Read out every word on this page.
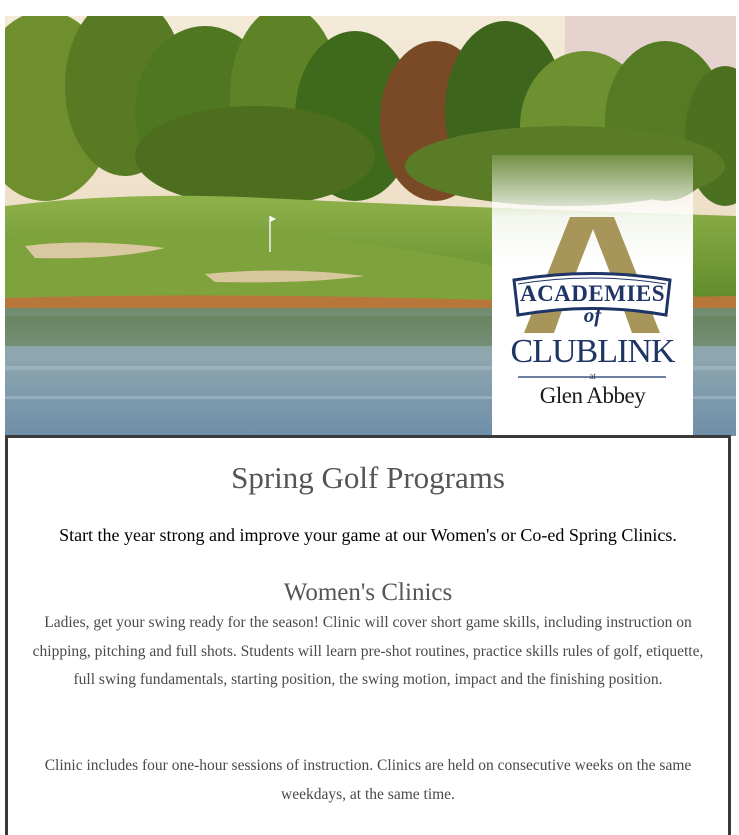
ACADEMIES
of
CLUBLINK
at
Glen Abbey
Spring Golf Programs
Start the year strong and improve your game at our Women's or Co-ed Spring Clinics.
Women's Clinics
Ladies, get your swing ready for the season! Clinic will cover short game skills, including instruction on chipping, pitching and full shots. Students will learn pre-shot routines, practice skills rules of golf, etiquette, full swing fundamentals, starting position, the swing motion, impact and the finishing position.
Clinic includes four one-hour sessions of instruction. Clinics are held on consecutive weeks on the same weekdays, at the same time.
